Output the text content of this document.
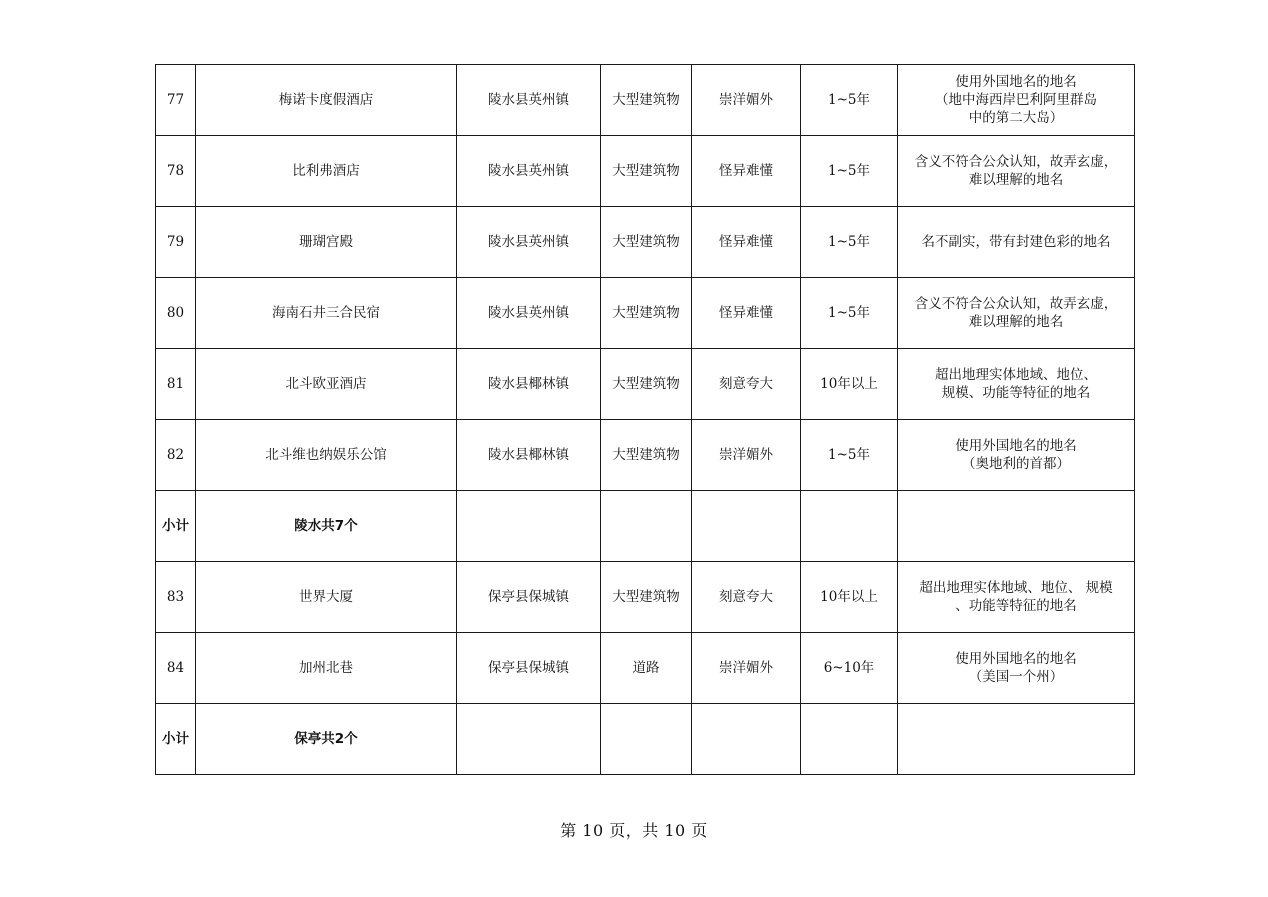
77	梅诺卡度假酒店	陵水县英州镇	大型建筑物	崇洋媚外	1~5年	使用外国地名的地名
（地中海西岸巴利阿里群岛
中的第二大岛）
78	比利弗酒店	陵水县英州镇	大型建筑物	怪异难懂	1~5年	含义不符合公众认知，故弄玄虚，
难以理解的地名
79	珊瑚宫殿	陵水县英州镇	大型建筑物	怪异难懂	1~5年	名不副实，带有封建色彩的地名
80	海南石井三合民宿	陵水县英州镇	大型建筑物	怪异难懂	1~5年	含义不符合公众认知，故弄玄虚，
难以理解的地名
81	北斗欧亚酒店	陵水县椰林镇	大型建筑物	刻意夸大	10年以上	超出地理实体地域、地位、
规模、功能等特征的地名
82	北斗维也纳娱乐公馆	陵水县椰林镇	大型建筑物	崇洋媚外	1~5年	使用外国地名的地名
（奥地利的首都）
小计	陵水共7个					
83	世界大厦	保亭县保城镇	大型建筑物	刻意夸大	10年以上	超出地理实体地域、地位、 规模
、功能等特征的地名
84	加州北巷	保亭县保城镇	道路	崇洋媚外	6~10年	使用外国地名的地名
（美国一个州）
小计	保亭共2个					
第 10 页，共 10 页
